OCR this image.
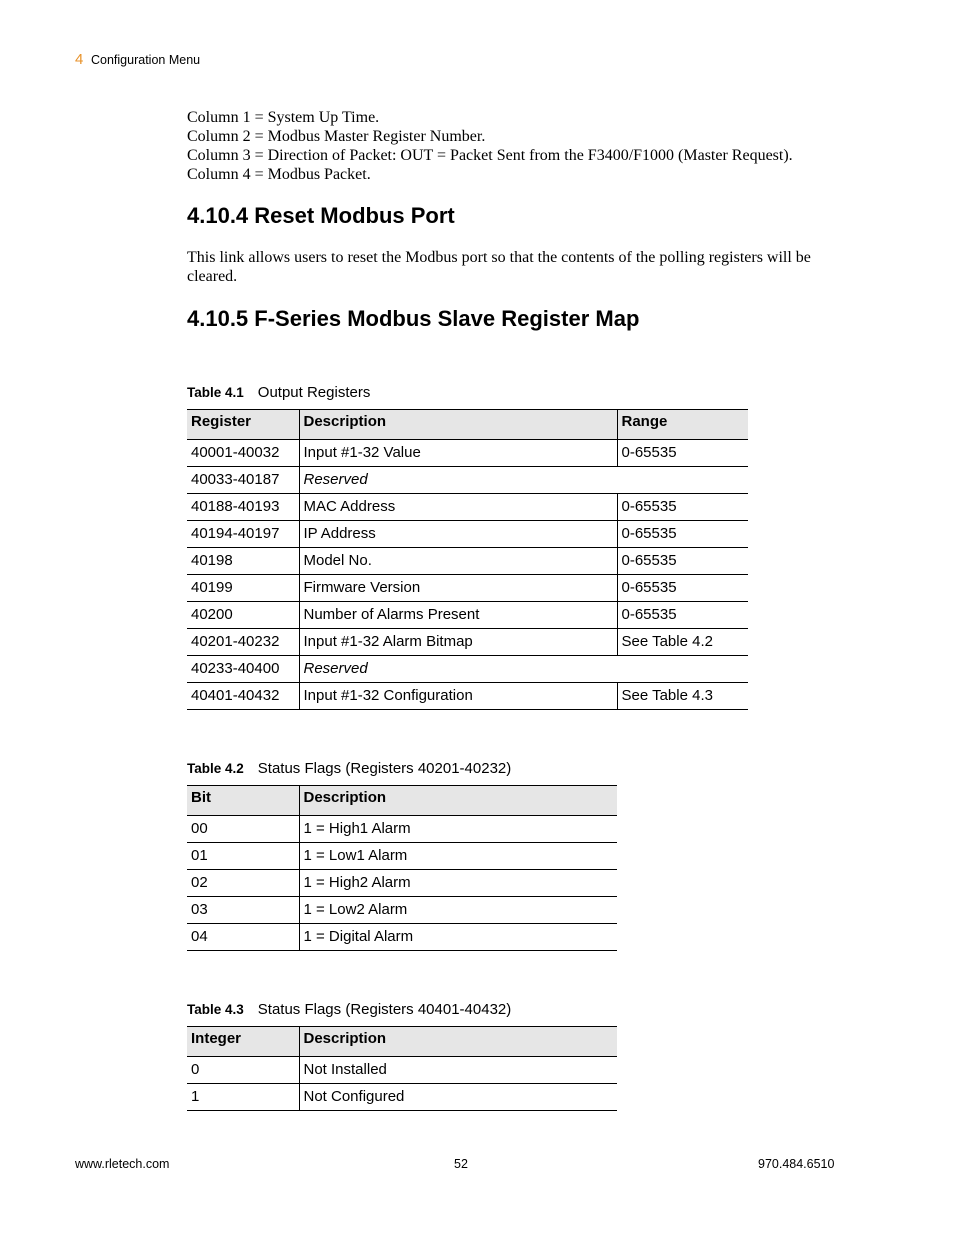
4 Configuration Menu
Column 1 = System Up Time.
Column 2 = Modbus Master Register Number.
Column 3 = Direction of Packet: OUT = Packet Sent from the F3400/F1000 (Master Request).
Column 4 = Modbus Packet.
4.10.4 Reset Modbus Port
This link allows users to reset the Modbus port so that the contents of the polling registers will be cleared.
4.10.5 F-Series Modbus Slave Register Map
Table 4.1 Output Registers
Register	Description	Range
40001-40032	Input #1-32 Value	0-65535
40033-40187	Reserved	
40188-40193	MAC Address	0-65535
40194-40197	IP Address	0-65535
40198	Model No.	0-65535
40199	Firmware Version	0-65535
40200	Number of Alarms Present	0-65535
40201-40232	Input #1-32 Alarm Bitmap	See Table 4.2
40233-40400	Reserved	
40401-40432	Input #1-32 Configuration	See Table 4.3
Table 4.2 Status Flags (Registers 40201-40232)
Bit	Description
00	1 = High1 Alarm
01	1 = Low1 Alarm
02	1 = High2 Alarm
03	1 = Low2 Alarm
04	1 = Digital Alarm
Table 4.3 Status Flags (Registers 40401-40432)
Integer	Description
0	Not Installed
1	Not Configured
www.rletech.com	52	970.484.6510
